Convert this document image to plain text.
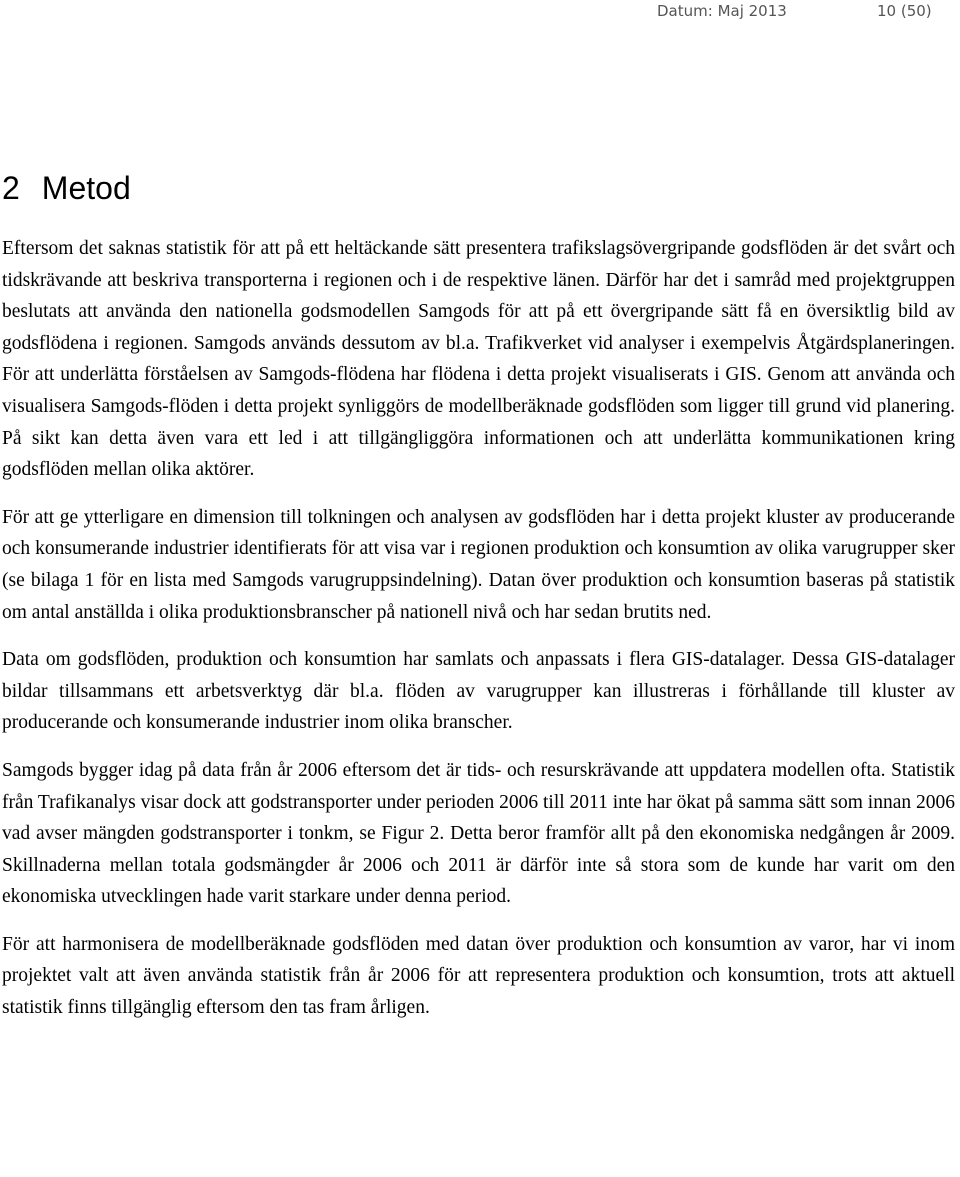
Datum: Maj 2013	10 (50)
2 Metod

Eftersom det saknas statistik för att på ett heltäckande sätt presentera trafikslagsövergripande godsflöden är det svårt och tidskrävande att beskriva transporterna i regionen och i de respektive länen. Därför har det i samråd med projektgruppen beslutats att använda den nationella godsmodellen Samgods för att på ett övergripande sätt få en översiktlig bild av godsflödena i regionen. Samgods används dessutom av bl.a. Trafikverket vid analyser i exempelvis Åtgärdsplaneringen. För att underlätta förståelsen av Samgods-flödena har flödena i detta projekt visualiserats i GIS. Genom att använda och visualisera Samgods-flöden i detta projekt synliggörs de modellberäknade godsflöden som ligger till grund vid planering. På sikt kan detta även vara ett led i att tillgängliggöra informationen och att underlätta kommunikationen kring godsflöden mellan olika aktörer.

För att ge ytterligare en dimension till tolkningen och analysen av godsflöden har i detta projekt kluster av producerande och konsumerande industrier identifierats för att visa var i regionen produktion och konsumtion av olika varugrupper sker (se bilaga 1 för en lista med Samgods varugruppsindelning). Datan över produktion och konsumtion baseras på statistik om antal anställda i olika produktionsbranscher på nationell nivå och har sedan brutits ned.

Data om godsflöden, produktion och konsumtion har samlats och anpassats i flera GIS-datalager. Dessa GIS-datalager bildar tillsammans ett arbetsverktyg där bl.a. flöden av varugrupper kan illustreras i förhållande till kluster av producerande och konsumerande industrier inom olika branscher.

Samgods bygger idag på data från år 2006 eftersom det är tids- och resurskrävande att uppdatera modellen ofta. Statistik från Trafikanalys visar dock att godstransporter under perioden 2006 till 2011 inte har ökat på samma sätt som innan 2006 vad avser mängden godstransporter i tonkm, se Figur 2. Detta beror framför allt på den ekonomiska nedgången år 2009. Skillnaderna mellan totala godsmängder år 2006 och 2011 är därför inte så stora som de kunde har varit om den ekonomiska utvecklingen hade varit starkare under denna period.

För att harmonisera de modellberäknade godsflöden med datan över produktion och konsumtion av varor, har vi inom projektet valt att även använda statistik från år 2006 för att representera produktion och konsumtion, trots att aktuell statistik finns tillgänglig eftersom den tas fram årligen.
